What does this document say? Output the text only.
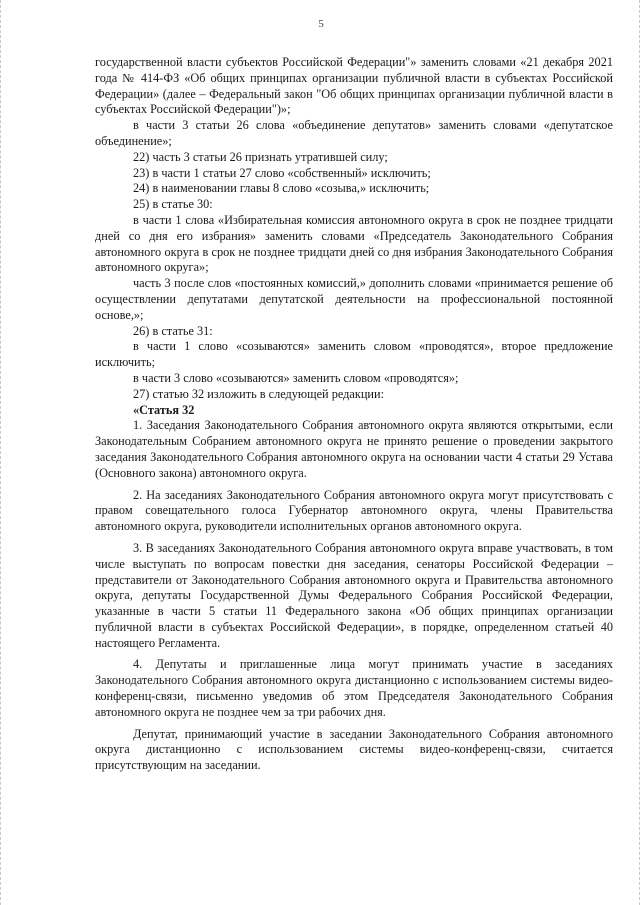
5

государственной власти субъектов Российской Федерации"» заменить словами «21 декабря 2021 года № 414-ФЗ «Об общих принципах организации публичной власти в субъектах Российской Федерации» (далее – Федеральный закон "Об общих принципах организации публичной власти в субъектах Российской Федерации")»;

в части 3 статьи 26 слова «объединение депутатов» заменить словами «депутатское объединение»;

22) часть 3 статьи 26 признать утратившей силу;

23) в части 1 статьи 27 слово «собственный» исключить;

24) в наименовании главы 8 слово «созыва,» исключить;

25) в статье 30:

в части 1 слова «Избирательная комиссия автономного округа в срок не позднее тридцати дней со дня его избрания» заменить словами «Председатель Законодательного Собрания автономного округа в срок не позднее тридцати дней со дня избрания Законодательного Собрания автономного округа»;

часть 3 после слов «постоянных комиссий,» дополнить словами «принимается решение об осуществлении депутатами депутатской деятельности на профессиональной постоянной основе,»;

26) в статье 31:

в части 1 слово «созываются» заменить словом «проводятся», второе предложение исключить;

в части 3 слово «созываются» заменить словом «проводятся»;

27) статью 32 изложить в следующей редакции:

«Статья 32

1. Заседания Законодательного Собрания автономного округа являются открытыми, если Законодательным Собранием автономного округа не принято решение о проведении закрытого заседания Законодательного Собрания автономного округа на основании части 4 статьи 29 Устава (Основного закона) автономного округа.

2. На заседаниях Законодательного Собрания автономного округа могут присутствовать с правом совещательного голоса Губернатор автономного округа, члены Правительства автономного округа, руководители исполнительных органов автономного округа.

3. В заседаниях Законодательного Собрания автономного округа вправе участвовать, в том числе выступать по вопросам повестки дня заседания, сенаторы Российской Федерации – представители от Законодательного Собрания автономного округа и Правительства автономного округа, депутаты Государственной Думы Федерального Собрания Российской Федерации, указанные в части 5 статьи 11 Федерального закона «Об общих принципах организации публичной власти в субъектах Российской Федерации», в порядке, определенном статьей 40 настоящего Регламента.

4. Депутаты и приглашенные лица могут принимать участие в заседаниях Законодательного Собрания автономного округа дистанционно с использованием системы видео-конференц-связи, письменно уведомив об этом Председателя Законодательного Собрания автономного округа не позднее чем за три рабочих дня.

Депутат, принимающий участие в заседании Законодательного Собрания автономного округа дистанционно с использованием системы видео-конференц-связи, считается присутствующим на заседании.
